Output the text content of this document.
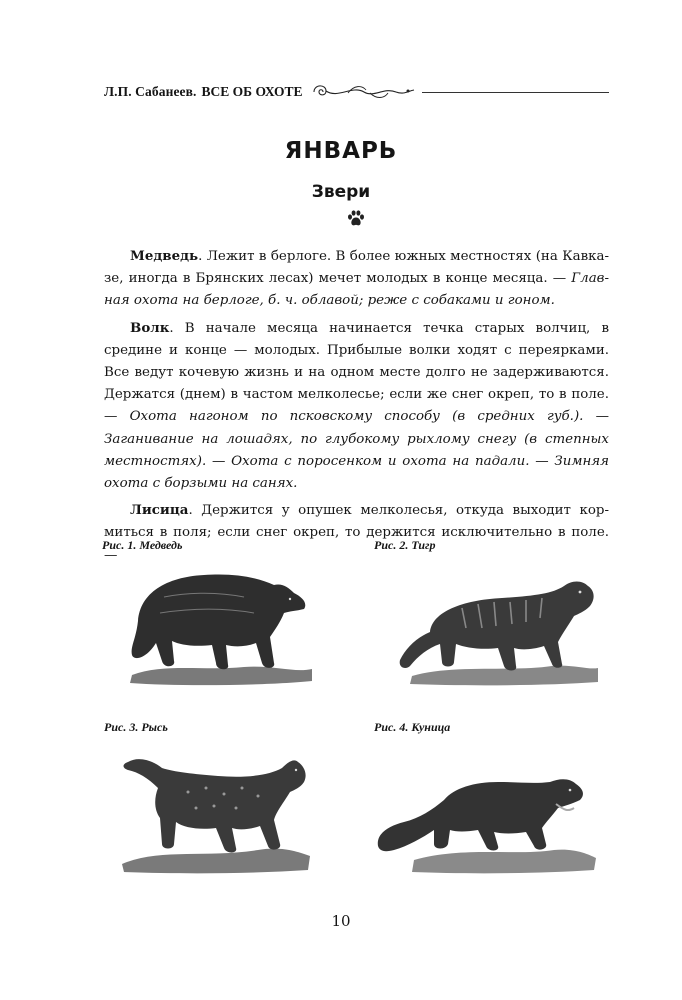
Л.П. Сабанеев. ВСЕ ОБ ОХОТЕ
ЯНВАРЬ
Звери

Медведь. Лежит в берлоге. В более южных местностях (на Кавказе, иногда в Брянских лесах) мечет молодых в конце месяца. — Главная охота на берлоге, б. ч. облавой; реже с собаками и гоном.

Волк. В начале месяца начинается течка старых волчиц, в средине и конце — молодых. Прибылые волки ходят с переярками. Все ведут кочевую жизнь и на одном месте долго не задерживаются. Держатся (днем) в частом мелколесье; если же снег окреп, то в поле. — Охота нагоном по псковскому способу (в средних губ.). — Заганивание на лошадях, по глубокому рыхлому снегу (в степных местностях). — Охота с поросенком и охота на падали. — Зимняя охота с борзыми на санях.

Лисица. Держится у опушек мелколесья, откуда выходит кормиться в поля; если снег окреп, то держится исключительно в поле. —

Рис. 1. Медведь	Рис. 2. Тигр
Рис. 3. Рысь	Рис. 4. Куница
10
